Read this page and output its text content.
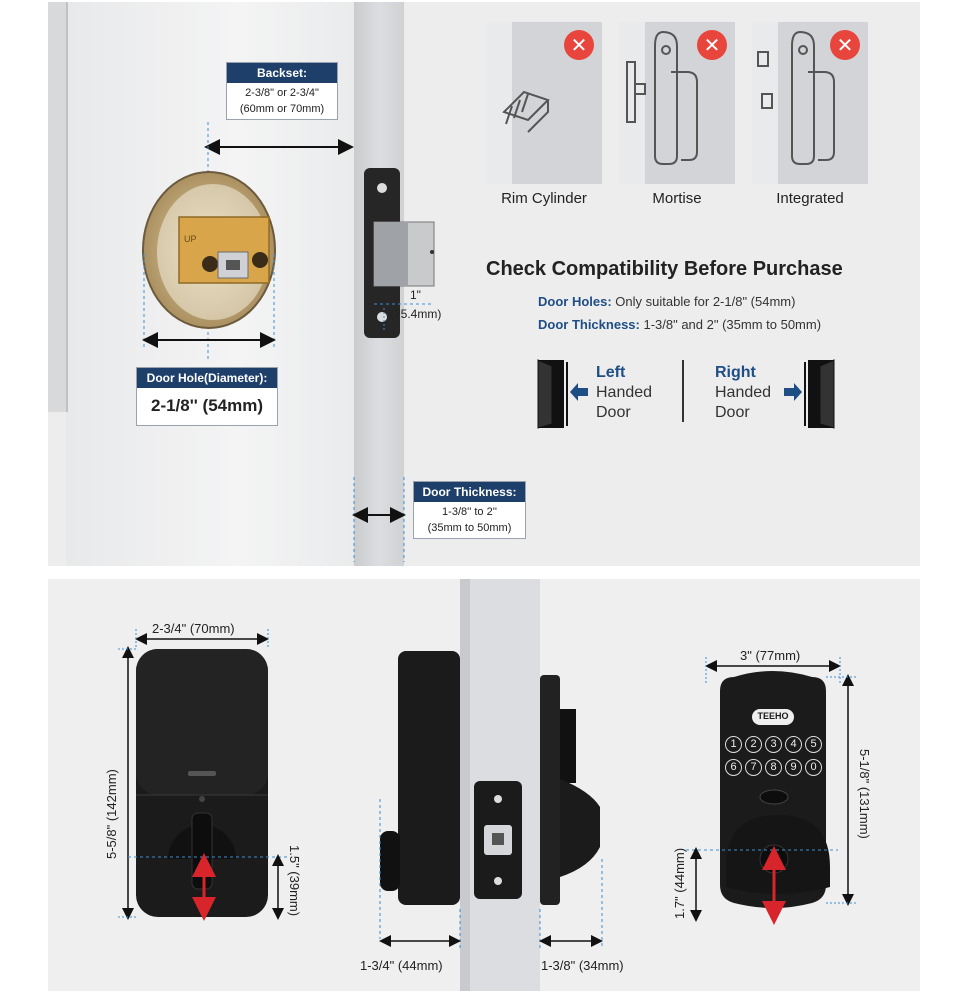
Backset:
2-3/8" or 2-3/4"
(60mm or 70mm)
UP
1"
(25.4mm)
Door Hole(Diameter):
2-1/8'' (54mm)
Door Thickness:
1-3/8'' to 2''
(35mm to 50mm)
✕
Rim Cylinder
✕
Mortise
✕
Integrated
Check Compatibility Before Purchase
Door Holes: Only suitable for 2-1/8" (54mm)
Door Thickness: 1-3/8" and 2" (35mm to 50mm)
Left
Handed
Door
Right
Handed
Door
2-3/4" (70mm)
5-5/8" (142mm)
1.5" (39mm)
1-3/4" (44mm)	1-3/8" (34mm)
3" (77mm)
5-1/8" (131mm)
1.7" (44mm)
TEEHO
1	2	3	4	5
6	7	8	9	0
